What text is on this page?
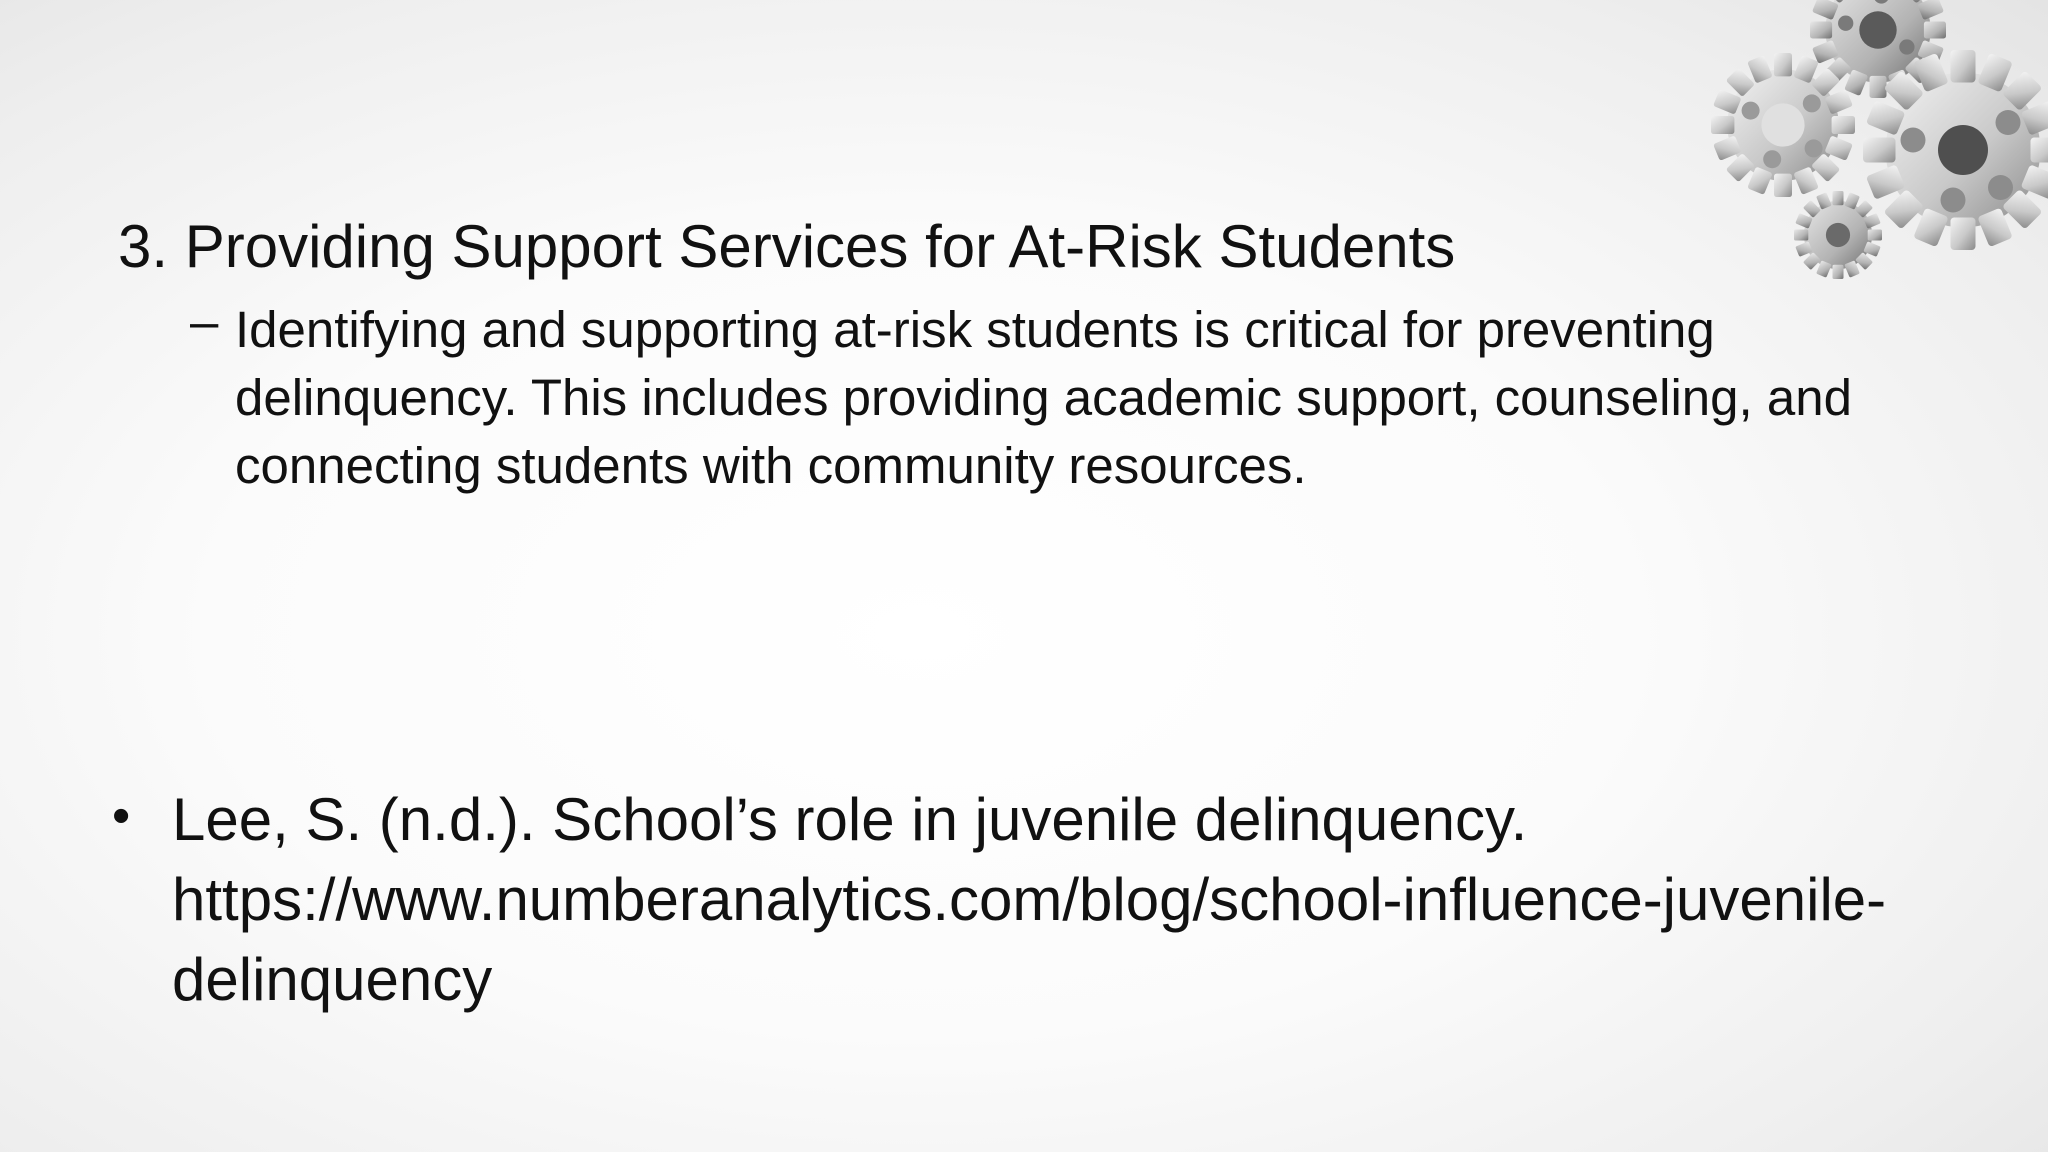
3. Providing Support Services for At-Risk Students
– Identifying and supporting at-risk students is critical for preventing delinquency. This includes providing academic support, counseling, and connecting students with community resources.
• Lee, S. (n.d.). School’s role in juvenile delinquency. https://www.numberanalytics.com/blog/school-influence-juvenile-delinquency
